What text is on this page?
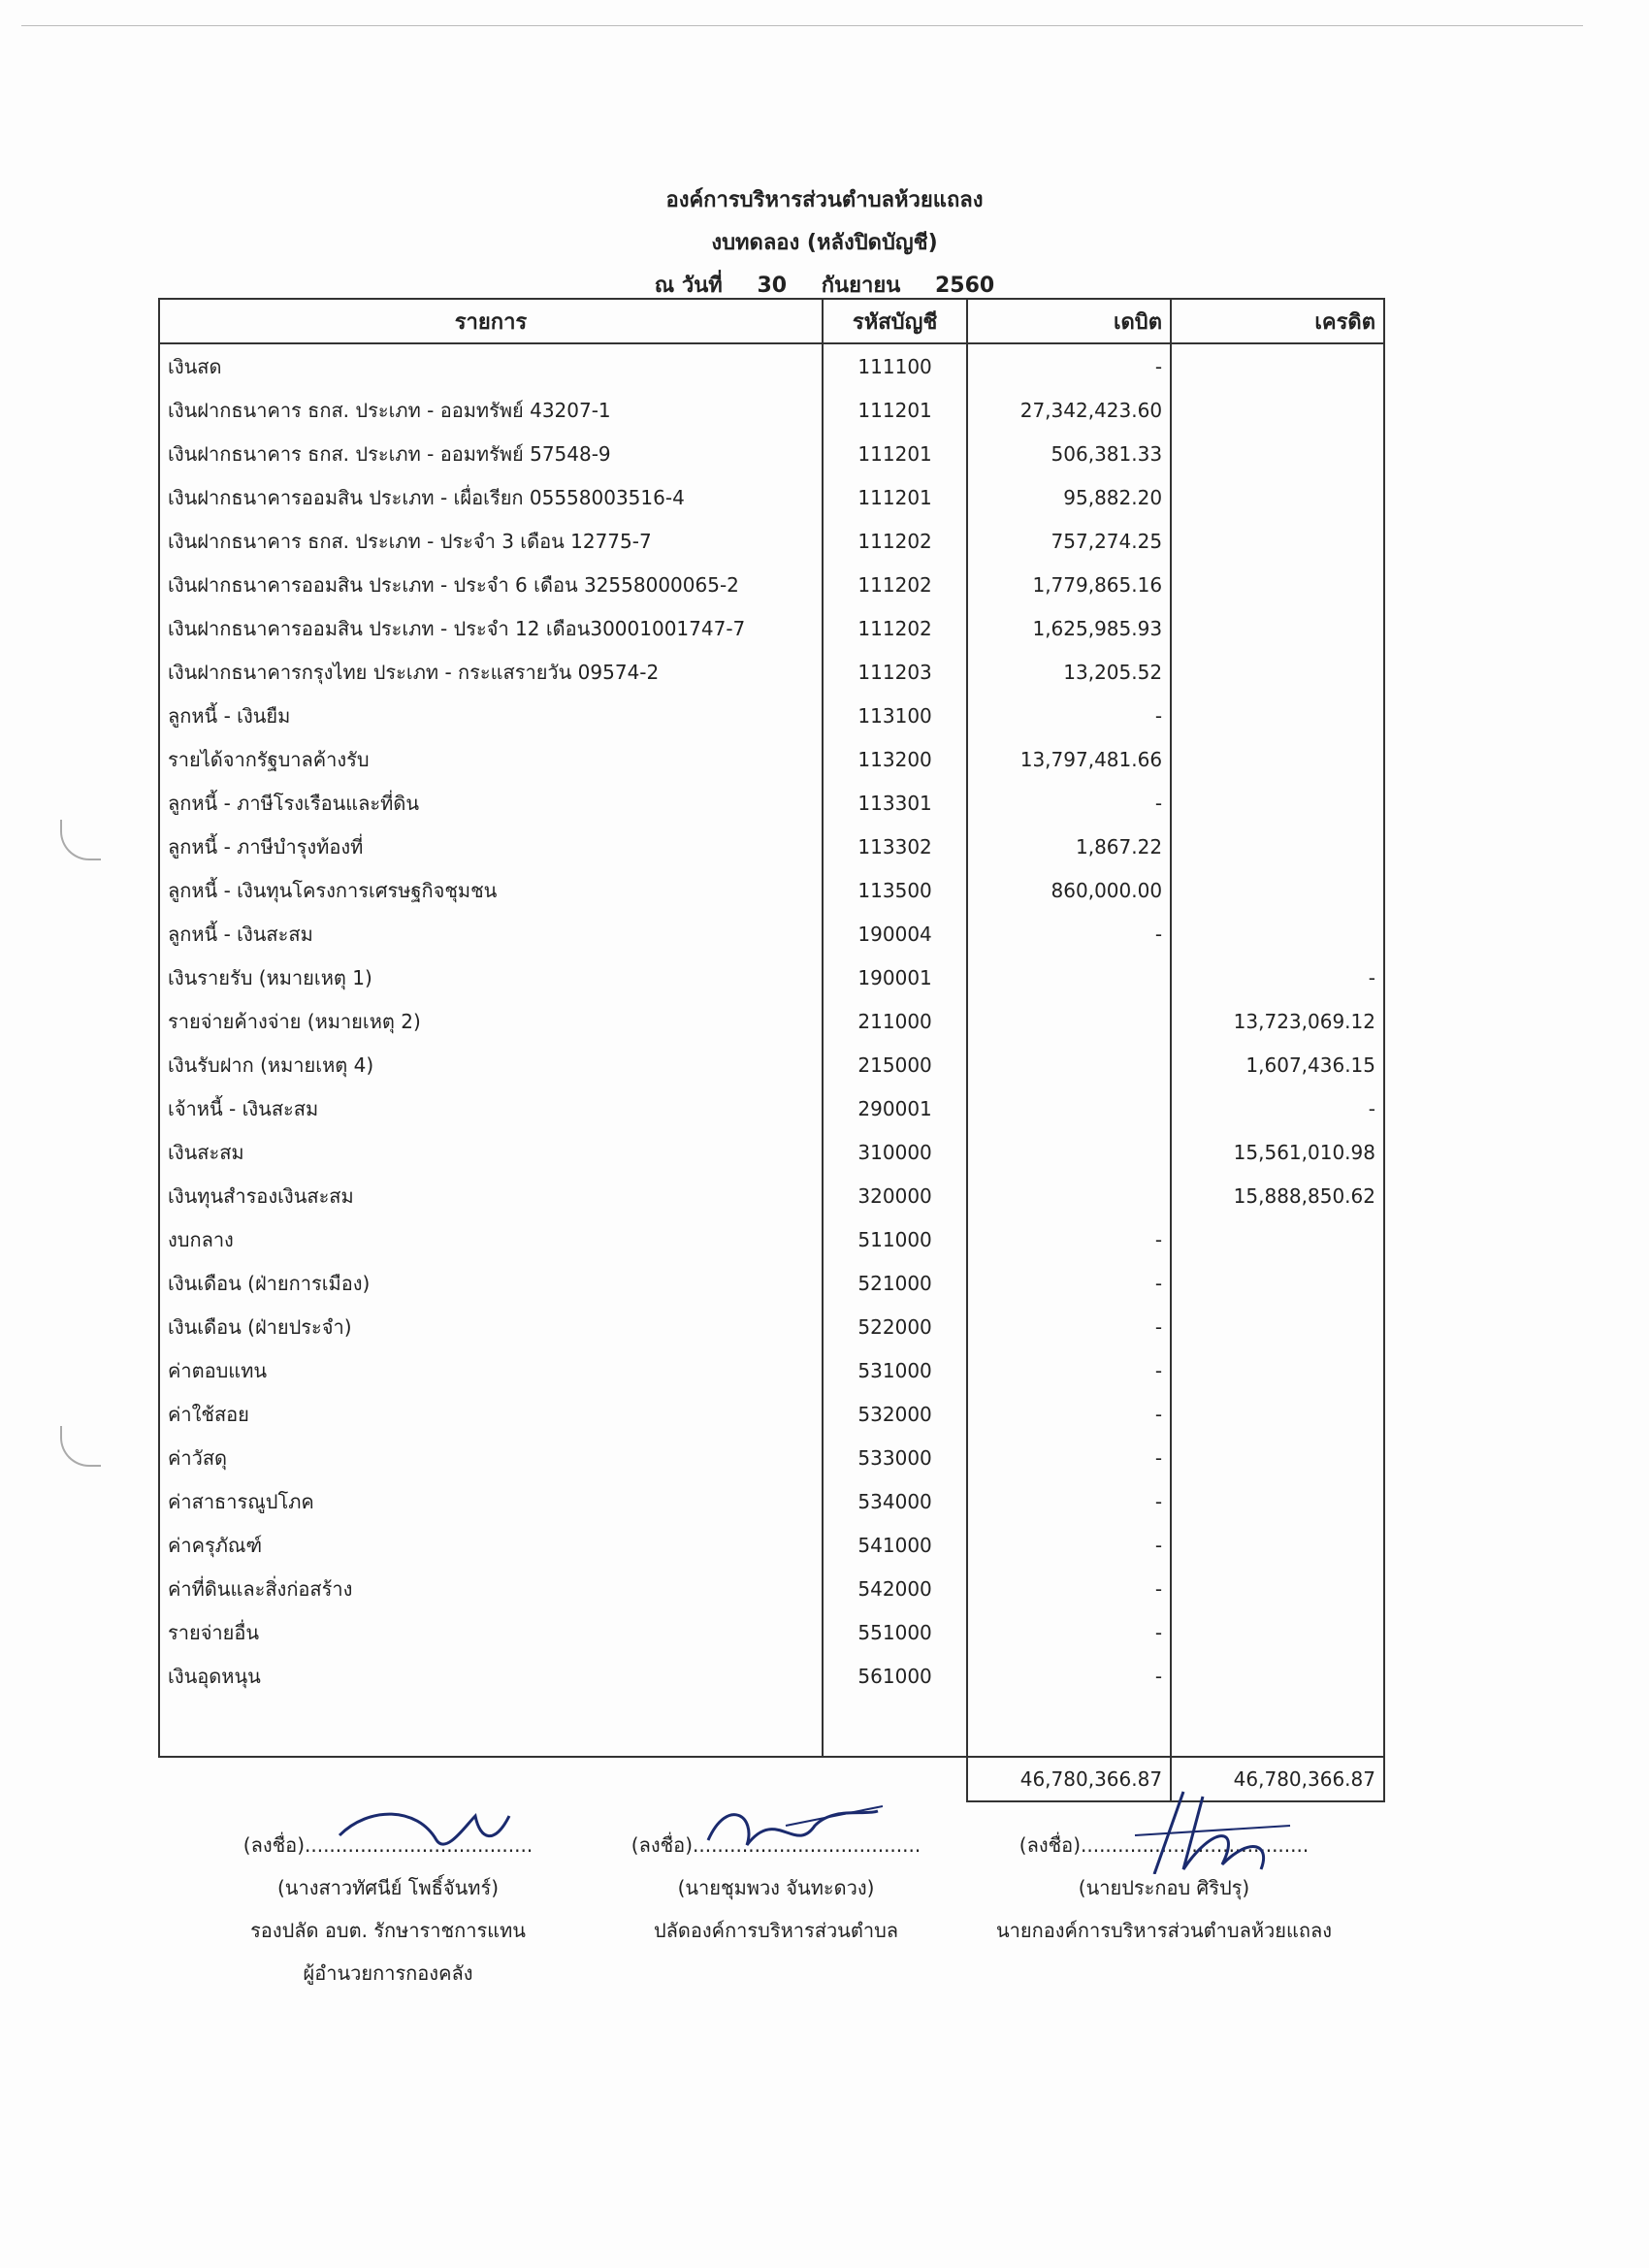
องค์การบริหารส่วนตำบลห้วยแถลง
งบทดลอง (หลังปิดบัญชี)
ณ วันที่ 30 กันยายน 2560
รายการ	รหัสบัญชี	เดบิต	เครดิต
เงินสด	111100	-	
เงินฝากธนาคาร ธกส. ประเภท - ออมทรัพย์ 43207-1	111201	27,342,423.60	
เงินฝากธนาคาร ธกส. ประเภท - ออมทรัพย์ 57548-9	111201	506,381.33	
เงินฝากธนาคารออมสิน ประเภท - เผื่อเรียก 05558003516-4	111201	95,882.20	
เงินฝากธนาคาร ธกส. ประเภท - ประจำ 3 เดือน 12775-7	111202	757,274.25	
เงินฝากธนาคารออมสิน ประเภท - ประจำ 6 เดือน 32558000065-2	111202	1,779,865.16	
เงินฝากธนาคารออมสิน ประเภท - ประจำ 12 เดือน30001001747-7	111202	1,625,985.93	
เงินฝากธนาคารกรุงไทย ประเภท - กระแสรายวัน 09574-2	111203	13,205.52	
ลูกหนี้ - เงินยืม	113100	-	
รายได้จากรัฐบาลค้างรับ	113200	13,797,481.66	
ลูกหนี้ - ภาษีโรงเรือนและที่ดิน	113301	-	
ลูกหนี้ - ภาษีบำรุงท้องที่	113302	1,867.22	
ลูกหนี้ - เงินทุนโครงการเศรษฐกิจชุมชน	113500	860,000.00	
ลูกหนี้ - เงินสะสม	190004	-	
เงินรายรับ (หมายเหตุ 1)	190001		-
รายจ่ายค้างจ่าย (หมายเหตุ 2)	211000		13,723,069.12
เงินรับฝาก (หมายเหตุ 4)	215000		1,607,436.15
เจ้าหนี้ - เงินสะสม	290001		-
เงินสะสม	310000		15,561,010.98
เงินทุนสำรองเงินสะสม	320000		15,888,850.62
งบกลาง	511000	-	
เงินเดือน (ฝ่ายการเมือง)	521000	-	
เงินเดือน (ฝ่ายประจำ)	522000	-	
ค่าตอบแทน	531000	-	
ค่าใช้สอย	532000	-	
ค่าวัสดุ	533000	-	
ค่าสาธารณูปโภค	534000	-	
ค่าครุภัณฑ์	541000	-	
ค่าที่ดินและสิ่งก่อสร้าง	542000	-	
รายจ่ายอื่น	551000	-	
เงินอุดหนุน	561000	-	

		46,780,366.87	46,780,366.87
(ลงชื่อ).....................................
(นางสาวทัศนีย์ โพธิ์จันทร์)
รองปลัด อบต. รักษาราชการแทน
ผู้อำนวยการกองคลัง
(ลงชื่อ).....................................
(นายชุมพวง จันทะดวง)
ปลัดองค์การบริหารส่วนตำบล
(ลงชื่อ).....................................
(นายประกอบ ศิริปรุ)
นายกองค์การบริหารส่วนตำบลห้วยแถลง
